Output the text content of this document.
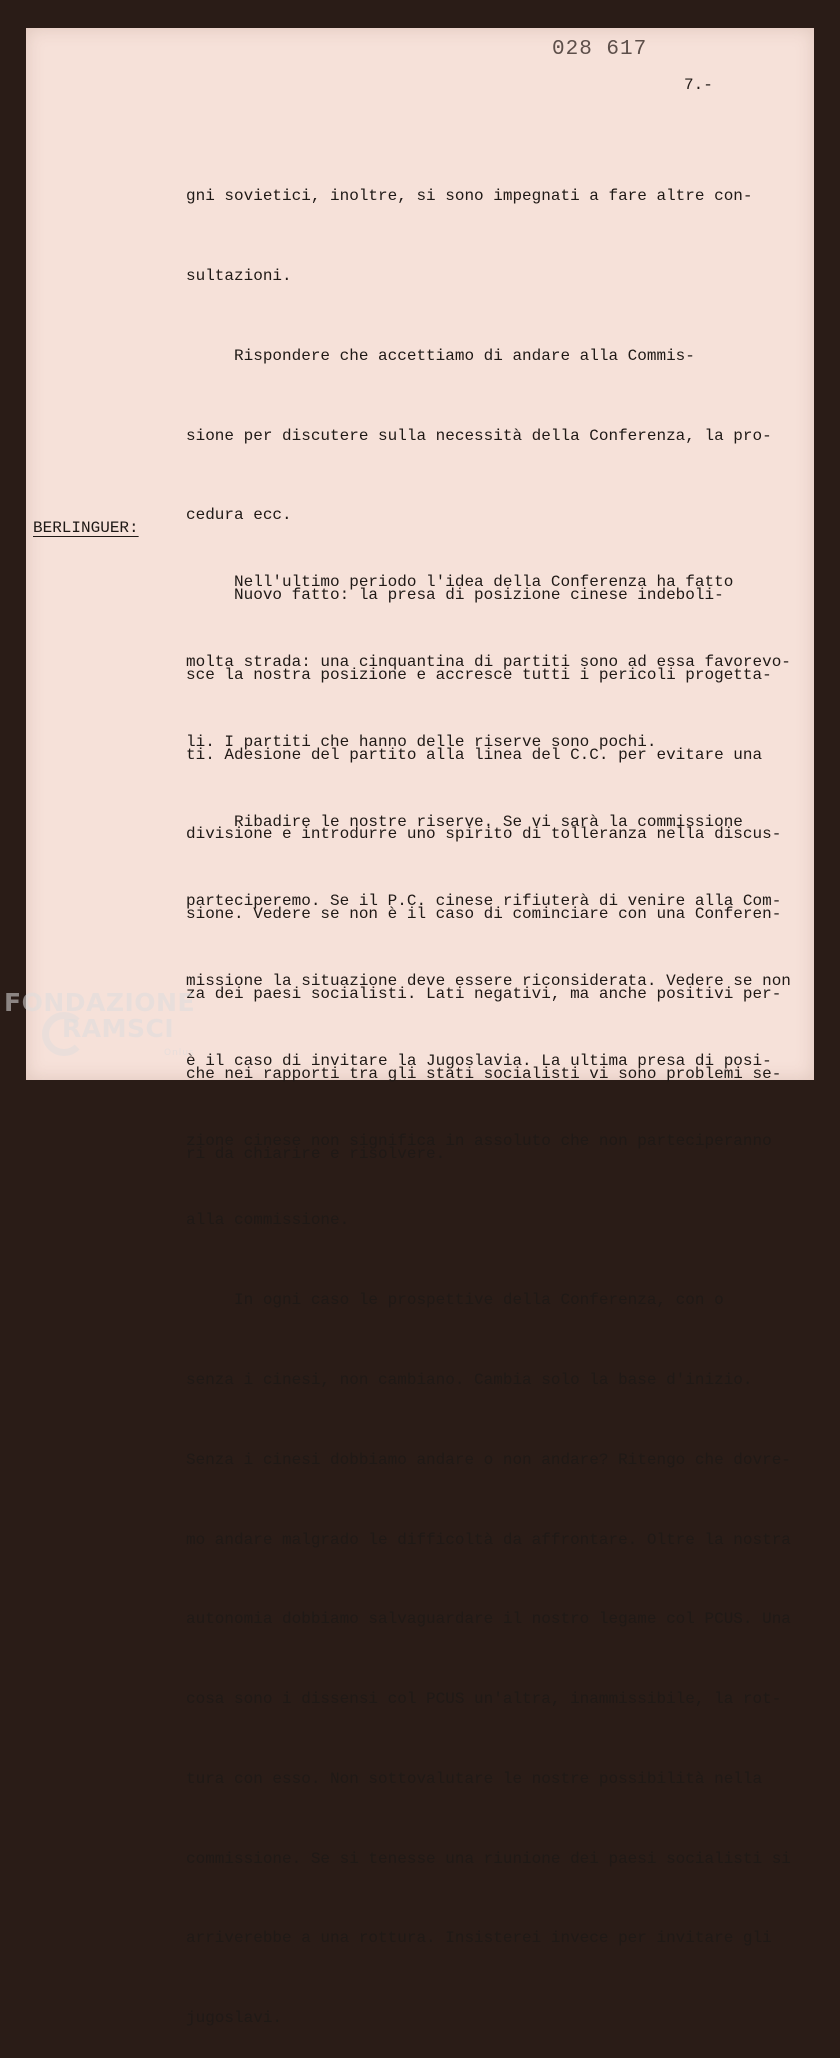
028 617
7.-

gni sovietici, inoltre, si sono impegnati a fare altre con-

sultazioni.

Rispondere che accettiamo di andare alla Commis-

sione per discutere sulla necessità della Conferenza, la pro-

cedura ecc.

Nuovo fatto: la presa di posizione cinese indeboli-

sce la nostra posizione e accresce tutti i pericoli progetta-

ti. Adesione del partito alla linea del C.C. per evitare una

divisione e introdurre uno spirito di tolleranza nella discus-

sione. Vedere se non è il caso di cominciare con una Conferen-

za dei paesi socialisti. Lati negativi, ma anche positivi per-

che nei rapporti tra gli stati socialisti vi sono problemi se-

ri da chiarire e risolvere.

BERLINGUER:

Nell'ultimo periodo l'idea della Conferenza ha fatto

molta strada: una cinquantina di partiti sono ad essa favorevo-

li. I partiti che hanno delle riserve sono pochi.

Ribadire le nostre riserve. Se vi sarà la commissione

parteciperemo. Se il P.C. cinese rifiuterà di venire alla Com-

missione la situazione deve essere riconsiderata. Vedere se non

è il caso di invitare la Jugoslavia. La ultima presa di posi-

zione cinese non significa in assoluto che non parteciperanno

alla commissione.

In ogni caso le prospettive della Conferenza, con o

senza i cinesi, non cambiano. Cambia solo la base d'inizio.

Senza i cinesi dobbiamo andare o non andare? Ritengo che dovre-

mo andare malgrado le difficoltà da affrontare. Oltre la nostra

autonomia dobbiamo salvaguardare il nostro legame col PCUS. Una

cosa sono i dissensi col PCUS un'altra, inammissibile, la rot-

tura con esso. Non sottovalutare le nostre possibilità nella

commissione. Se si tenesse una riunione dei paesi socialisti si

arriverebbe a una rottura. Insisterei invece per invitare gli

jugoslavi.

FONDAZIONE
RAMSCI
Onlus
